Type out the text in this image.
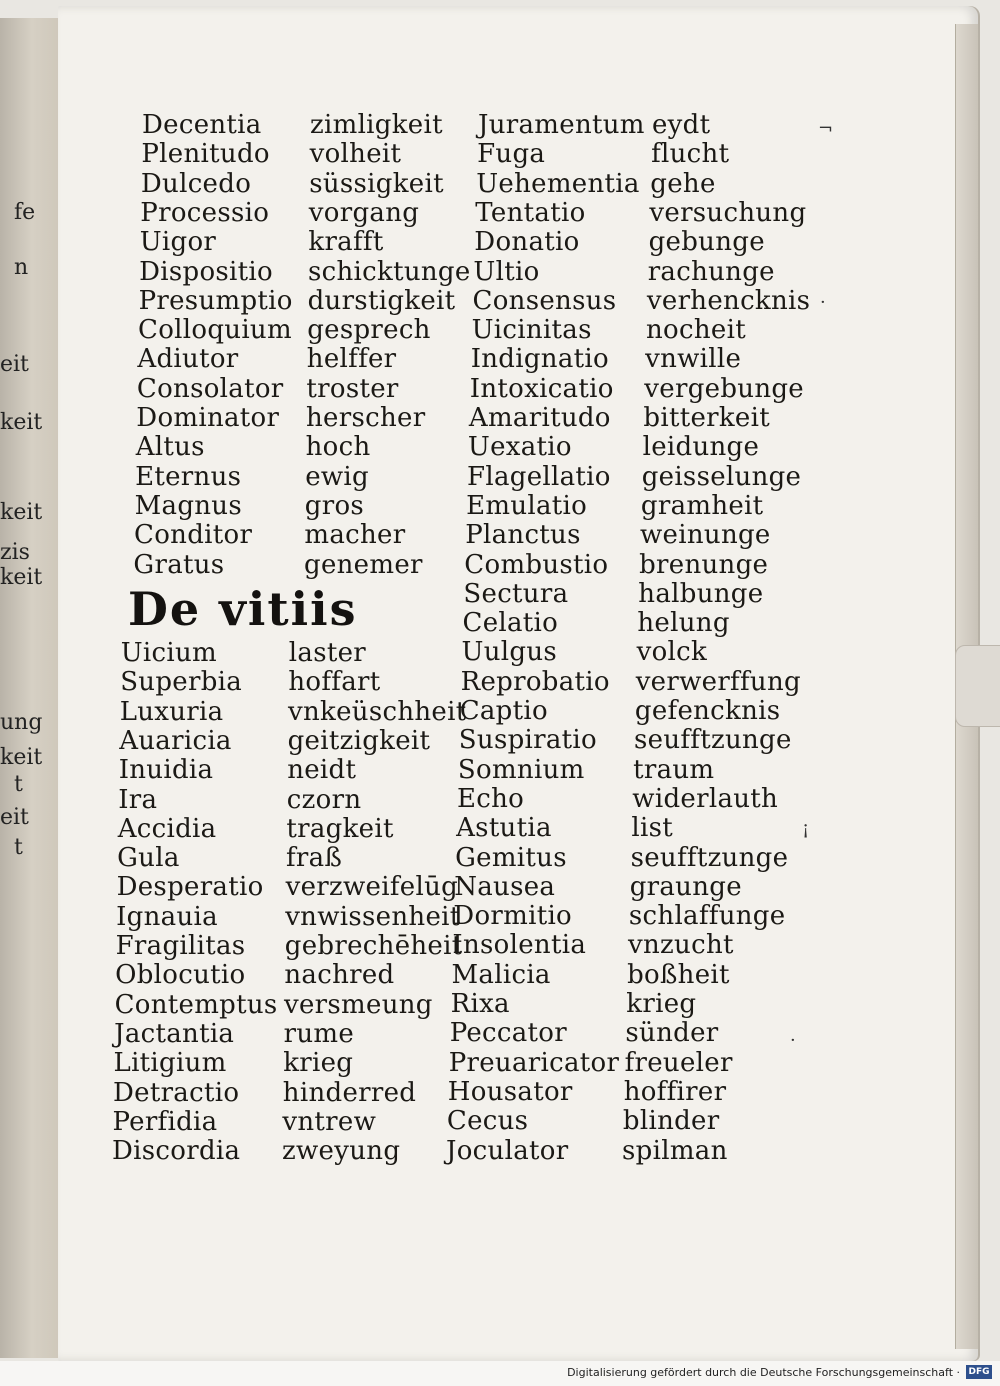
fe
n
eit
keit
keit
zis
keit
ung
keit
t
eit
t
Decentia
Plenitudo
Dulcedo
Processio
Uigor
Dispositio
Presumptio
Colloquium
Adiutor
Consolator
Dominator
Altus
Eternus
Magnus
Conditor
Gratus
zimligkeit
volheit
süssigkeit
vorgang
krafft
schicktunge
durstigkeit
gesprech
helffer
troster
herscher
hoch
ewig
gros
macher
genemer
Juramentum
Fuga
Uehementia
Tentatio
Donatio
Ultio
Consensus
Uicinitas
Indignatio
Intoxicatio
Amaritudo
Uexatio
Flagellatio
Emulatio
Planctus
Combustio
Sectura
Celatio
Uulgus
Reprobatio
Captio
Suspiratio
Somnium
Echo
Astutia
Gemitus
Nausea
Dormitio
Insolentia
Malicia
Rixa
Peccator
Preuaricator
Housator
Cecus
Joculator
eydt
flucht
gehe
versuchung
gebunge
rachunge
verhencknis
nocheit
vnwille
vergebunge
bitterkeit
leidunge
geisselunge
gramheit
weinunge
brenunge
halbunge
helung
volck
verwerffung
gefencknis
seufftzunge
traum
widerlauth
list
seufftzunge
graunge
schlaffunge
vnzucht
boßheit
krieg
sünder
freueler
hoffirer
blinder
spilman
Uicium
Superbia
Luxuria
Auaricia
Inuidia
Ira
Accidia
Gula
Desperatio
Ignauia
Fragilitas
Oblocutio
Contemptus
Jactantia
Litigium
Detractio
Perfidia
Discordia
laster
hoffart
vnkeüschheit
geitzigkeit
neidt
czorn
tragkeit
fraß
verzweifelūg
vnwissenheit
gebrechēheit
nachred
versmeung
rume
krieg
hinderred
vntrew
zweyung
De vitiis
¬
·
¡
·
Digitalisierung gefördert durch die Deutsche Forschungsgemeinschaft · DFG
